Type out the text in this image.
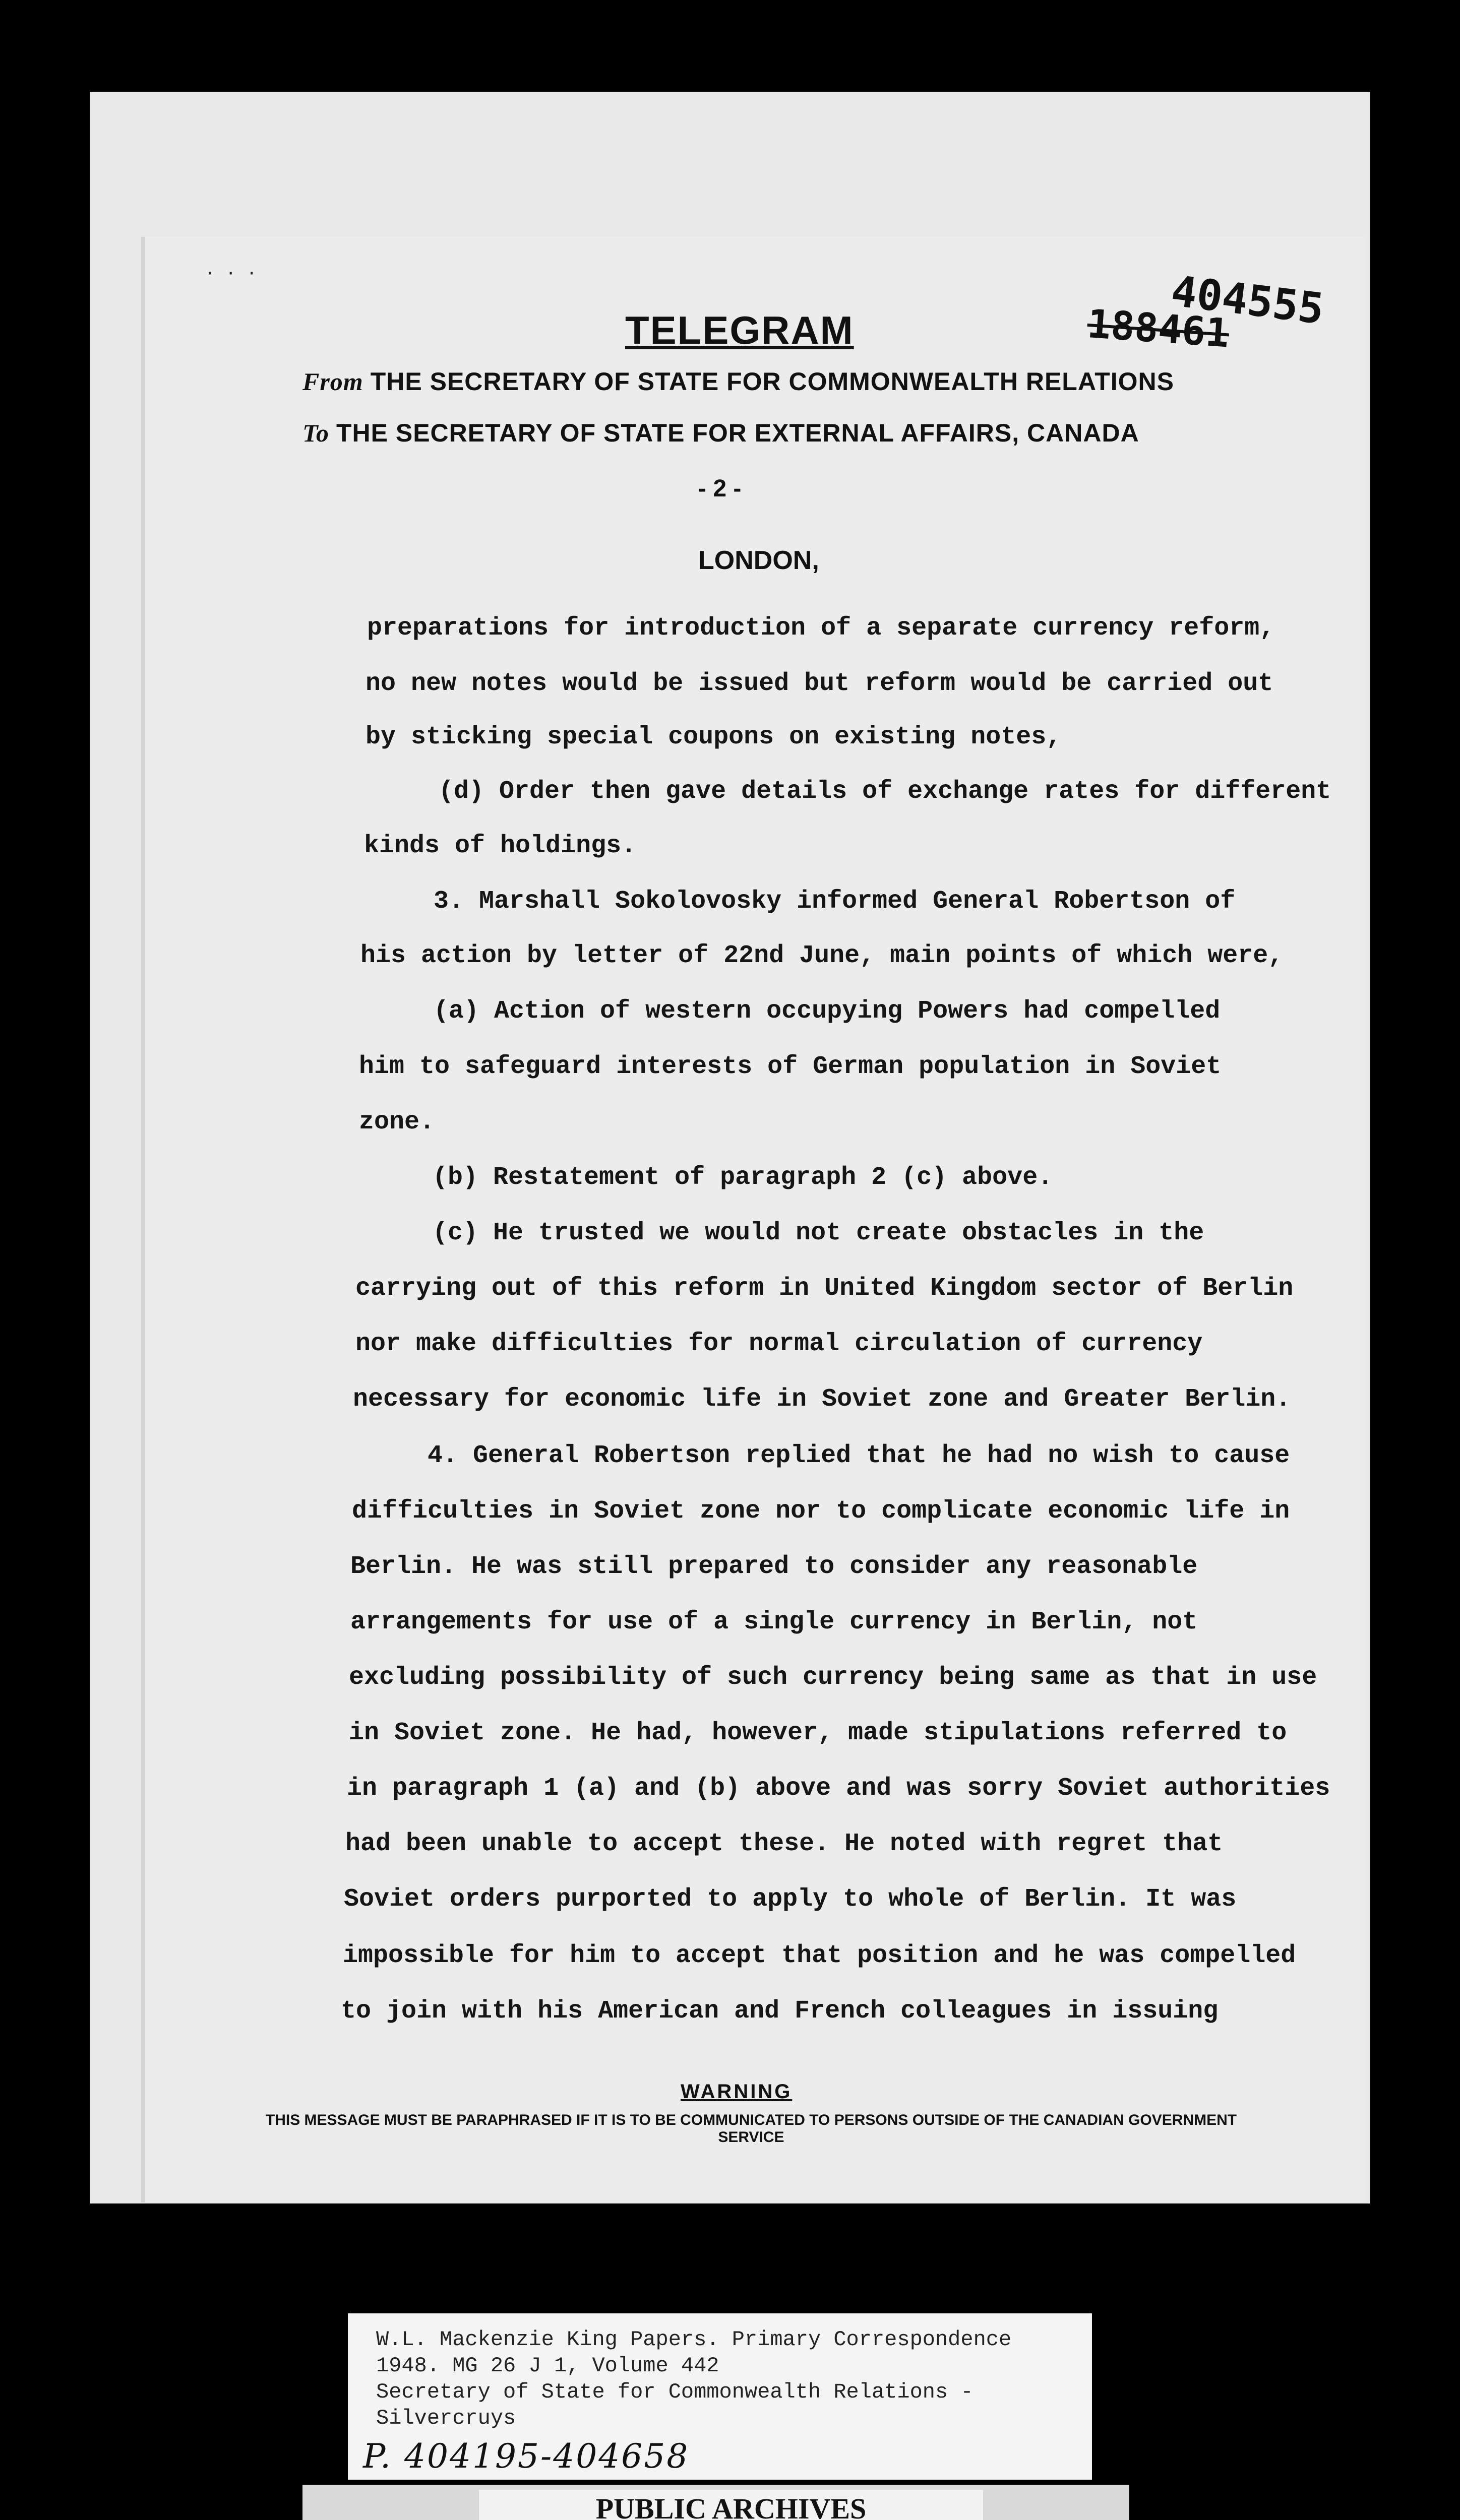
· · ·	404555
188461
TELEGRAM
From THE SECRETARY OF STATE FOR COMMONWEALTH RELATIONS
To THE SECRETARY OF STATE FOR EXTERNAL AFFAIRS, CANADA
- 2 -
LONDON,
preparations for introduction of a separate currency reform,
no new notes would be issued but reform would be carried out
by sticking special coupons on existing notes,
(d) Order then gave details of exchange rates for different
kinds of holdings.
3. Marshall Sokolovosky informed General Robertson of
his action by letter of 22nd June, main points of which were,
(a) Action of western occupying Powers had compelled
him to safeguard interests of German population in Soviet
zone.
(b) Restatement of paragraph 2 (c) above.
(c) He trusted we would not create obstacles in the
carrying out of this reform in United Kingdom sector of Berlin
nor make difficulties for normal circulation of currency
necessary for economic life in Soviet zone and Greater Berlin.
4. General Robertson replied that he had no wish to cause
difficulties in Soviet zone nor to complicate economic life in
Berlin. He was still prepared to consider any reasonable
arrangements for use of a single currency in Berlin, not
excluding possibility of such currency being same as that in use
in Soviet zone. He had, however, made stipulations referred to
in paragraph 1 (a) and (b) above and was sorry Soviet authorities
had been unable to accept these. He noted with regret that
Soviet orders purported to apply to whole of Berlin. It was
impossible for him to accept that position and he was compelled
to join with his American and French colleagues in issuing
WARNING
THIS MESSAGE MUST BE PARAPHRASED IF IT IS TO BE COMMUNICATED TO PERSONS OUTSIDE OF THE CANADIAN GOVERNMENT SERVICE
W.L. Mackenzie King Papers. Primary Correspondence
1948. MG 26 J 1, Volume 442
Secretary of State for Commonwealth Relations -
Silvercruys
P. 404195-404658
PUBLIC ARCHIVES
